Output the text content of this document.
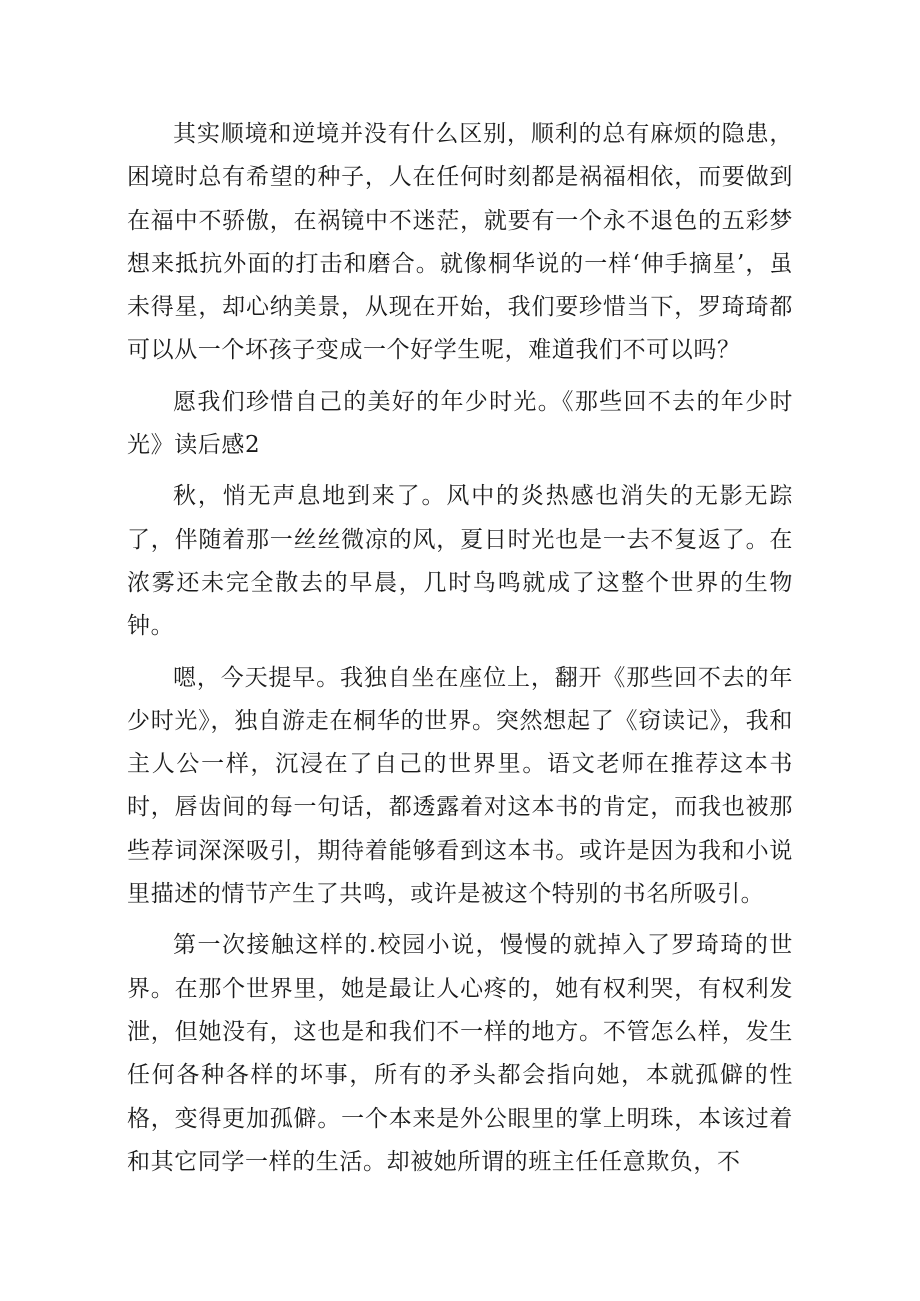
其实顺境和逆境并没有什么区别，顺利的总有麻烦的隐患，困境时总有希望的种子，人在任何时刻都是祸福相依，而要做到在福中不骄傲，在祸镜中不迷茫，就要有一个永不退色的五彩梦想来抵抗外面的打击和磨合。就像桐华说的一样‘伸手摘星’，虽未得星，却心纳美景，从现在开始，我们要珍惜当下，罗琦琦都可以从一个坏孩子变成一个好学生呢，难道我们不可以吗？

愿我们珍惜自己的美好的年少时光。《那些回不去的年少时光》读后感2

秋，悄无声息地到来了。风中的炎热感也消失的无影无踪了，伴随着那一丝丝微凉的风，夏日时光也是一去不复返了。在浓雾还未完全散去的早晨，几时鸟鸣就成了这整个世界的生物钟。

嗯，今天提早。我独自坐在座位上，翻开《那些回不去的年少时光》，独自游走在桐华的世界。突然想起了《窃读记》，我和主人公一样，沉浸在了自己的世界里。语文老师在推荐这本书时，唇齿间的每一句话，都透露着对这本书的肯定，而我也被那些荐词深深吸引，期待着能够看到这本书。或许是因为我和小说里描述的情节产生了共鸣，或许是被这个特别的书名所吸引。

第一次接触这样的.校园小说，慢慢的就掉入了罗琦琦的世界。在那个世界里，她是最让人心疼的，她有权利哭，有权利发泄，但她没有，这也是和我们不一样的地方。不管怎么样，发生任何各种各样的坏事，所有的矛头都会指向她，本就孤僻的性格，变得更加孤僻。一个本来是外公眼里的掌上明珠，本该过着和其它同学一样的生活。却被她所谓的班主任任意欺负，不
